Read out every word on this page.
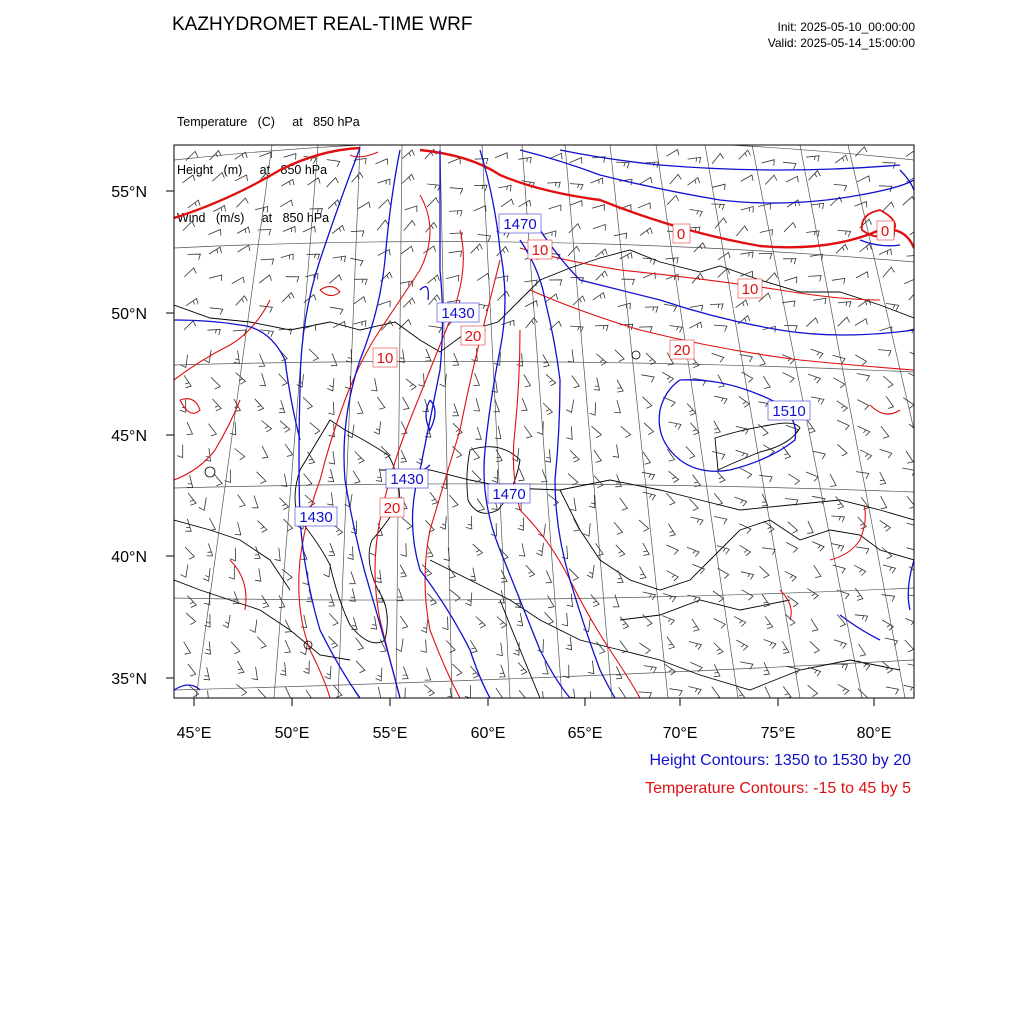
KAZHYDROMET REAL-TIME WRF	Init: 2025-05-10_00:00:00
Valid: 2025-05-14_15:00:00

Temperature   (C)     at   850 hPa

Height   (m)     at   850 hPa

Wind   (m/s)     at   850 hPa

55°N
50°N
45°N
40°N
35°N
45°E	50°E	55°E	60°E	65°E	70°E	75°E	80°E
1470
1430
1510
1430
1470
1430
0	0
10
10
10
20
20
20
Height Contours: 1350 to 1530 by 20
Temperature Contours: -15 to 45 by 5
